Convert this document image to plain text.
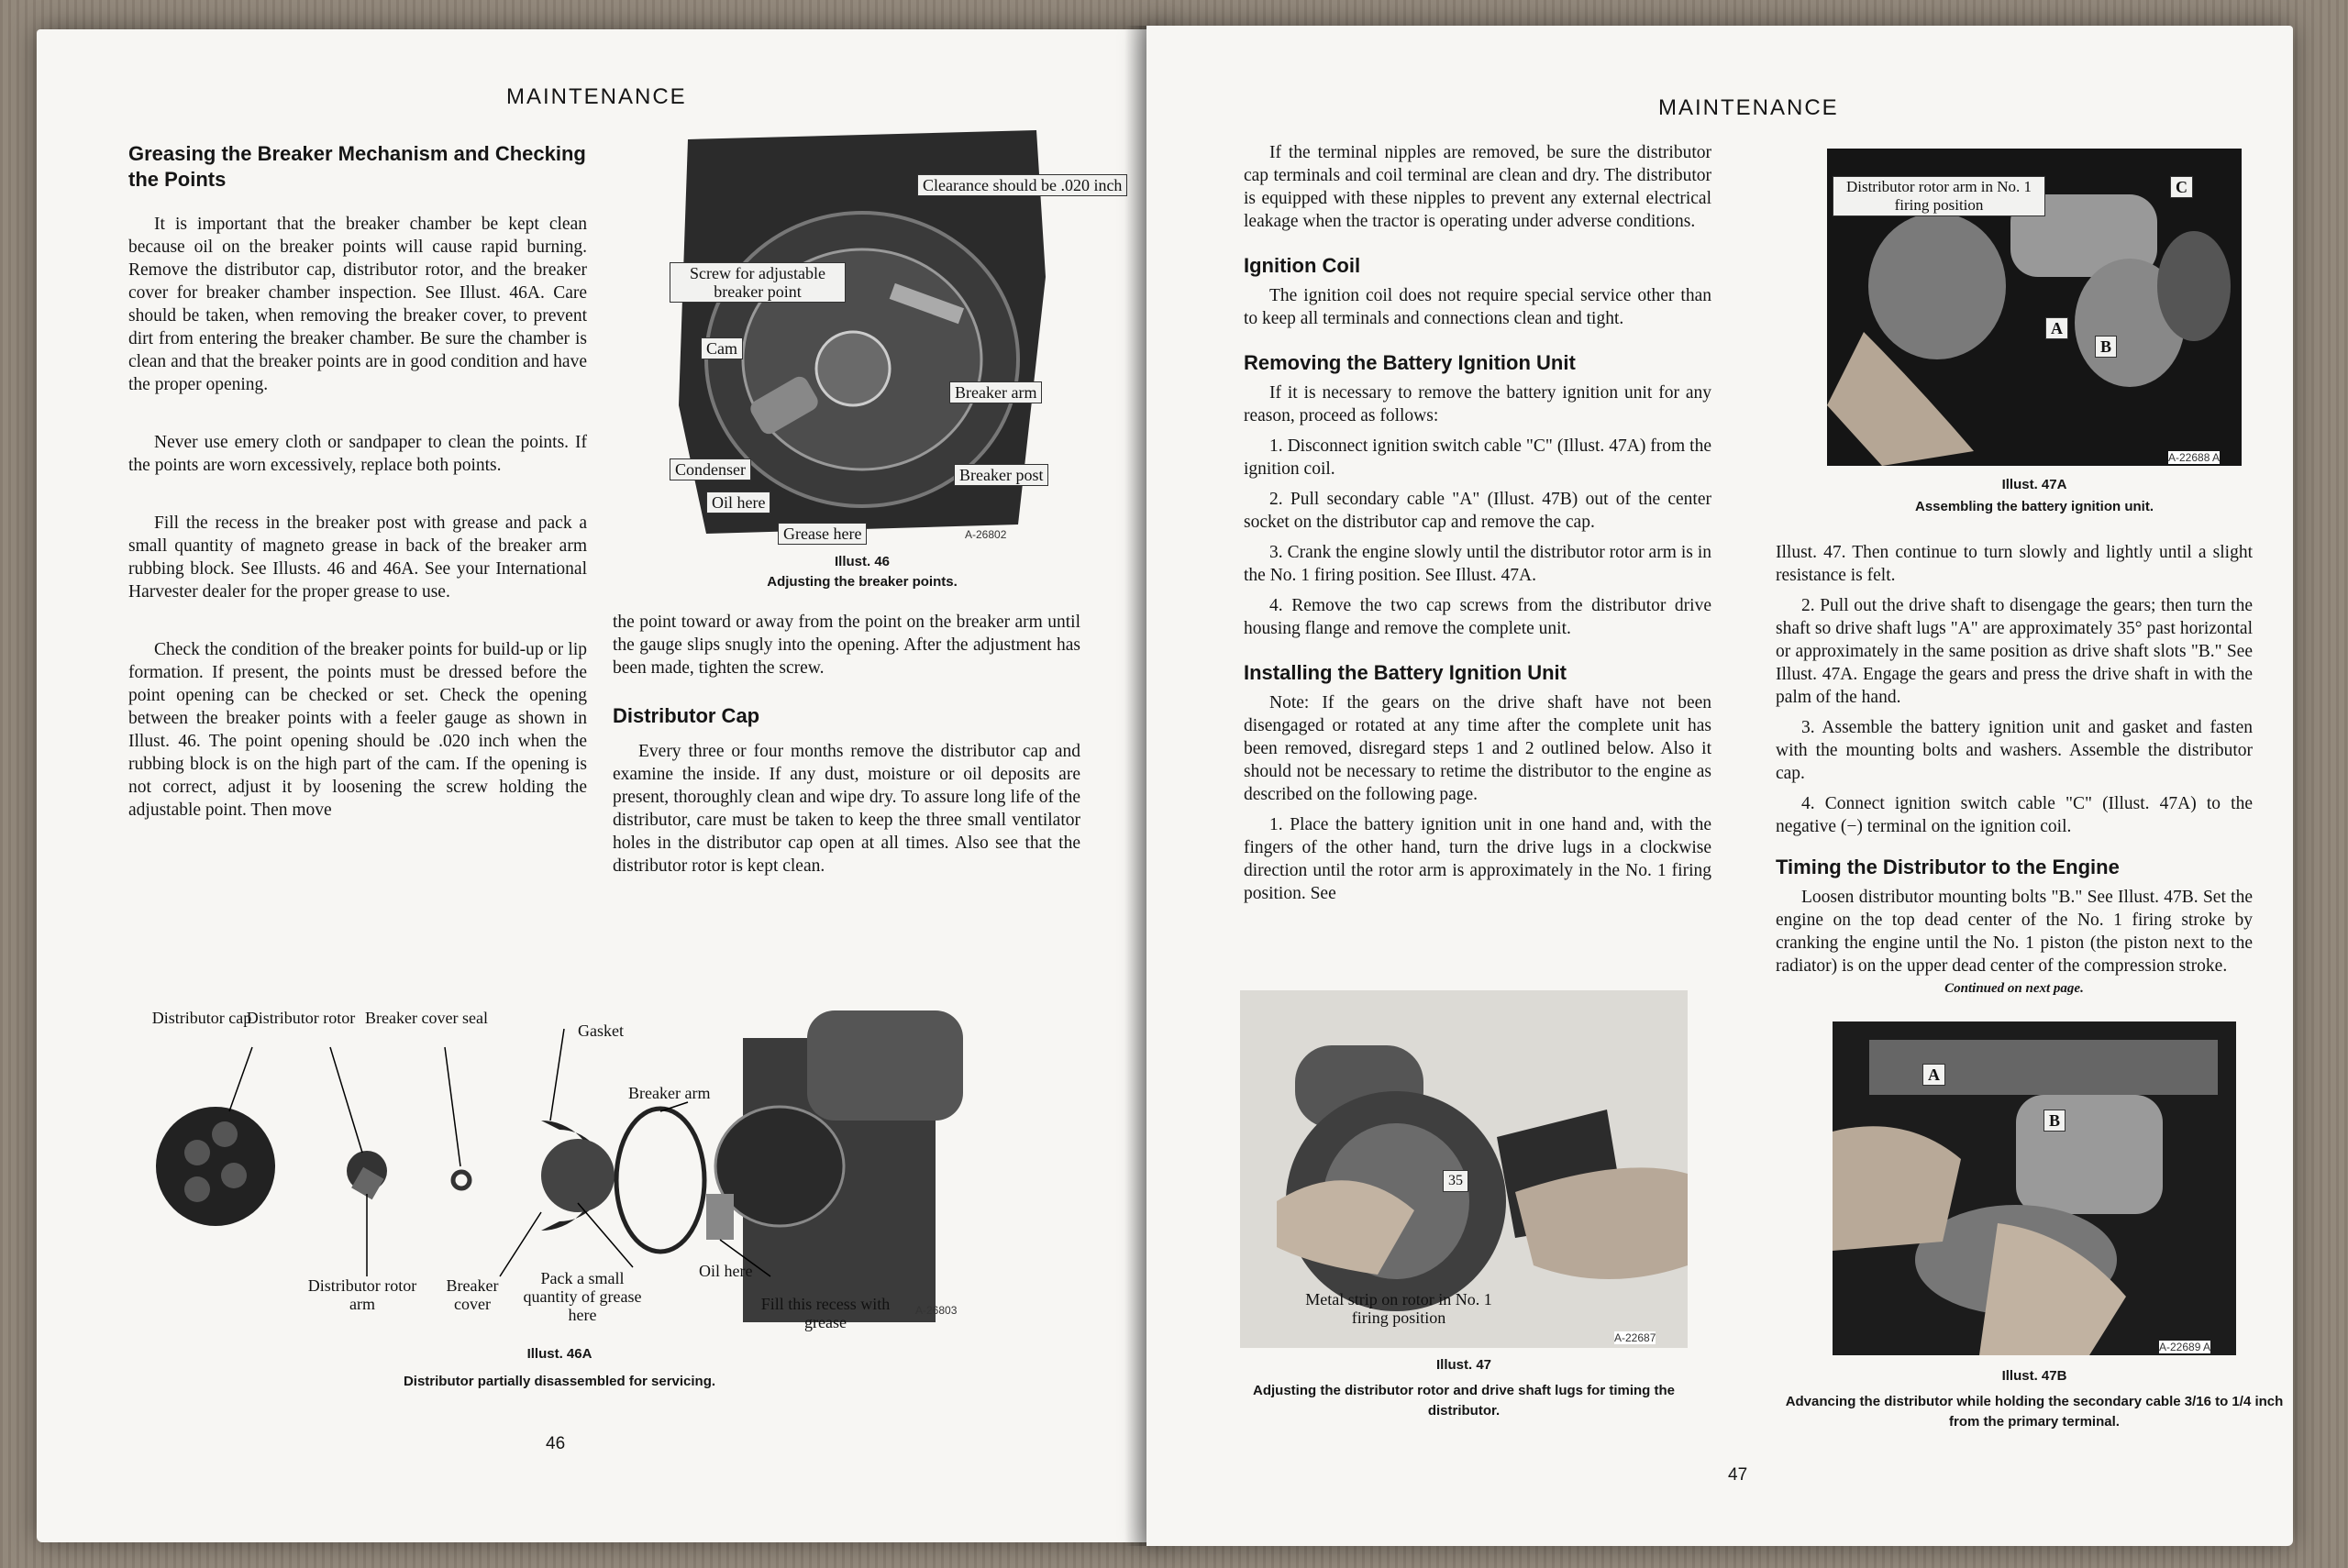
MAINTENANCE
Greasing the Breaker Mechanism and Checking the Points

It is important that the breaker chamber be kept clean because oil on the breaker points will cause rapid burning. Remove the distributor cap, distributor rotor, and the breaker cover for breaker chamber inspection. See Illust. 46A. Care should be taken, when removing the breaker cover, to prevent dirt from entering the breaker chamber. Be sure the chamber is clean and that the breaker points are in good condition and have the proper opening.

Never use emery cloth or sandpaper to clean the points. If the points are worn excessively, replace both points.

Fill the recess in the breaker post with grease and pack a small quantity of magneto grease in back of the breaker arm rubbing block. See Illusts. 46 and 46A. See your International Harvester dealer for the proper grease to use.

Check the condition of the breaker points for build-up or lip formation. If present, the points must be dressed before the point opening can be checked or set. Check the opening between the breaker points with a feeler gauge as shown in Illust. 46. The point opening should be .020 inch when the rubbing block is on the high part of the cam. If the opening is not correct, adjust it by loosening the screw holding the adjustable point. Then move

Clearance should be .020 inch
Screw for adjustable breaker point
Cam
Breaker arm
Condenser
Oil here
Breaker post
Grease here	A-26802
Illust. 46
Adjusting the breaker points.

the point toward or away from the point on the breaker arm until the gauge slips snugly into the opening. After the adjustment has been made, tighten the screw.

Distributor Cap

Every three or four months remove the distributor cap and examine the inside. If any dust, moisture or oil deposits are present, thoroughly clean and wipe dry. To assure long life of the distributor, care must be taken to keep the three small ventilator holes in the distributor cap open at all times. Also see that the distributor rotor is kept clean.

Distributor cap
Distributor rotor Breaker cover seal
Gasket
Breaker arm
Distributor rotor arm
Breaker cover
Pack a small quantity of grease here
Oil here
Fill this recess with grease
A-26803
Illust. 46A
Distributor partially disassembled for servicing.
46
MAINTENANCE

If the terminal nipples are removed, be sure the distributor cap terminals and coil terminal are clean and dry. The distributor is equipped with these nipples to prevent any external electrical leakage when the tractor is operating under adverse conditions.

Ignition Coil

The ignition coil does not require special service other than to keep all terminals and connections clean and tight.

Removing the Battery Ignition Unit

If it is necessary to remove the battery ignition unit for any reason, proceed as follows:

1. Disconnect ignition switch cable "C" (Illust. 47A) from the ignition coil.

2. Pull secondary cable "A" (Illust. 47B) out of the center socket on the distributor cap and remove the cap.

3. Crank the engine slowly until the distributor rotor arm is in the No. 1 firing position. See Illust. 47A.

4. Remove the two cap screws from the distributor drive housing flange and remove the complete unit.

Installing the Battery Ignition Unit

Note: If the gears on the drive shaft have not been disengaged or rotated at any time after the complete unit has been removed, disregard steps 1 and 2 outlined below. Also it should not be necessary to retime the distributor to the engine as described on the following page.

1. Place the battery ignition unit in one hand and, with the fingers of the other hand, turn the drive lugs in a clockwise direction until the rotor arm is approximately in the No. 1 firing position. See

35
Metal strip on rotor in No. 1 firing position
A-22687
Illust. 47
Adjusting the distributor rotor and drive shaft lugs for timing the distributor.
Distributor rotor arm in No. 1 firing position
C
A
B
A-22688 A
Illust. 47A
Assembling the battery ignition unit.

Illust. 47. Then continue to turn slowly and lightly until a slight resistance is felt.

2. Pull out the drive shaft to disengage the gears; then turn the shaft so drive shaft lugs "A" are approximately 35° past horizontal or approximately in the same position as drive shaft slots "B." See Illust. 47A. Engage the gears and press the drive shaft in with the palm of the hand.

3. Assemble the battery ignition unit and gasket and fasten with the mounting bolts and washers. Assemble the distributor cap.

4. Connect ignition switch cable "C" (Illust. 47A) to the negative (−) terminal on the ignition coil.

Timing the Distributor to the Engine

Loosen distributor mounting bolts "B." See Illust. 47B. Set the engine on the top dead center of the No. 1 firing stroke by cranking the engine until the No. 1 piston (the piston next to the radiator) is on the upper dead center of the compression stroke.

Continued on next page.
A
B
A-22689 A
Illust. 47B
Advancing the distributor while holding the secondary cable 3/16 to 1/4 inch from the primary terminal.
47
